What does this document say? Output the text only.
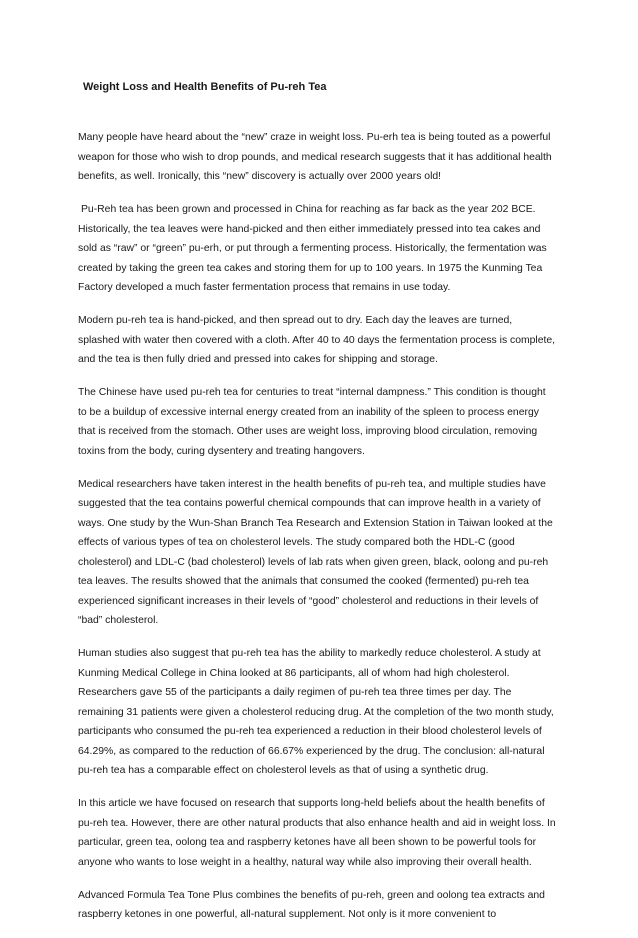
Weight Loss and Health Benefits of Pu-reh Tea

Many people have heard about the “new” craze in weight loss. Pu-erh tea is being touted as a powerful weapon for those who wish to drop pounds, and medical research suggests that it has additional health benefits, as well. Ironically, this “new” discovery is actually over 2000 years old!

Pu-Reh tea has been grown and processed in China for reaching as far back as the year 202 BCE. Historically, the tea leaves were hand-picked and then either immediately pressed into tea cakes and sold as “raw” or “green” pu-erh, or put through a fermenting process. Historically, the fermentation was created by taking the green tea cakes and storing them for up to 100 years. In 1975 the Kunming Tea Factory developed a much faster fermentation process that remains in use today.

Modern pu-reh tea is hand-picked, and then spread out to dry. Each day the leaves are turned, splashed with water then covered with a cloth. After 40 to 40 days the fermentation process is complete, and the tea is then fully dried and pressed into cakes for shipping and storage.

The Chinese have used pu-reh tea for centuries to treat “internal dampness.” This condition is thought to be a buildup of excessive internal energy created from an inability of the spleen to process energy that is received from the stomach. Other uses are weight loss, improving blood circulation, removing toxins from the body, curing dysentery and treating hangovers.

Medical researchers have taken interest in the health benefits of pu-reh tea, and multiple studies have suggested that the tea contains powerful chemical compounds that can improve health in a variety of ways. One study by the Wun-Shan Branch Tea Research and Extension Station in Taiwan looked at the effects of various types of tea on cholesterol levels. The study compared both the HDL-C (good cholesterol) and LDL-C (bad cholesterol) levels of lab rats when given green, black, oolong and pu-reh tea leaves. The results showed that the animals that consumed the cooked (fermented) pu-reh tea experienced significant increases in their levels of “good” cholesterol and reductions in their levels of “bad” cholesterol.

Human studies also suggest that pu-reh tea has the ability to markedly reduce cholesterol. A study at Kunming Medical College in China looked at 86 participants, all of whom had high cholesterol. Researchers gave 55 of the participants a daily regimen of pu-reh tea three times per day. The remaining 31 patients were given a cholesterol reducing drug. At the completion of the two month study, participants who consumed the pu-reh tea experienced a reduction in their blood cholesterol levels of 64.29%, as compared to the reduction of 66.67% experienced by the drug. The conclusion: all-natural pu-reh tea has a comparable effect on cholesterol levels as that of using a synthetic drug.

In this article we have focused on research that supports long-held beliefs about the health benefits of pu-reh tea. However, there are other natural products that also enhance health and aid in weight loss. In particular, green tea, oolong tea and raspberry ketones have all been shown to be powerful tools for anyone who wants to lose weight in a healthy, natural way while also improving their overall health.

Advanced Formula Tea Tone Plus combines the benefits of pu-reh, green and oolong tea extracts and raspberry ketones in one powerful, all-natural supplement. Not only is it more convenient to
